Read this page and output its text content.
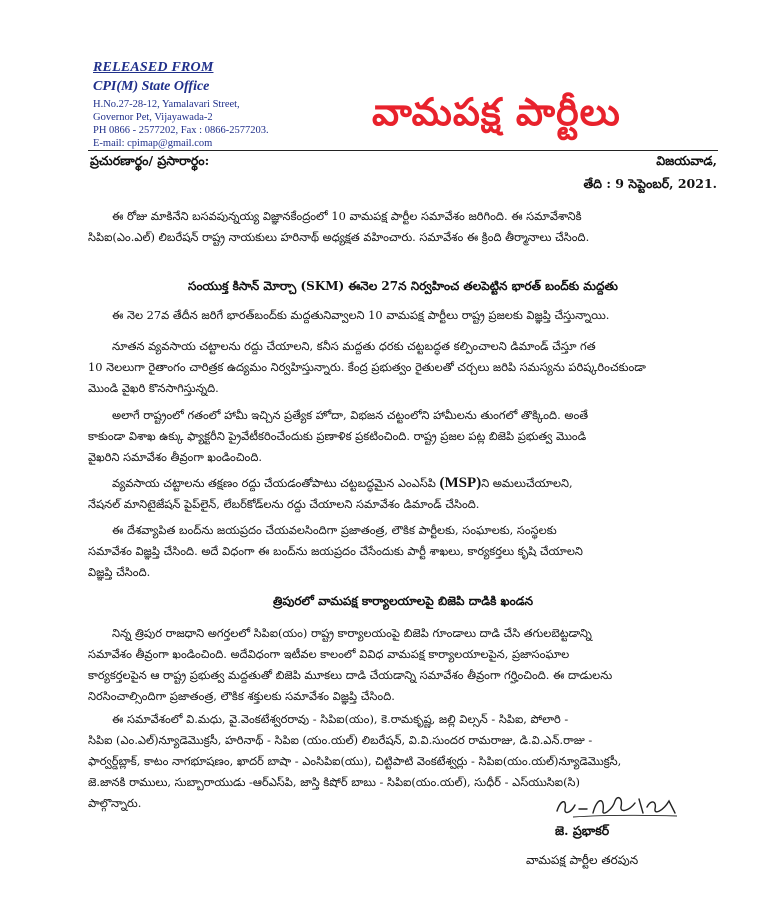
RELEASED FROM
CPI(M) State Office
H.No.27-28-12, Yamalavari Street,
Governor Pet, Vijayawada-2
PH 0866 - 2577202, Fax : 0866-2577203.
E-mail: cpimap@gmail.com
వామపక్ష పార్టీలు
ప్రచురణార్థం/ ప్రసారార్థం:	విజయవాడ,
తేది : 9 సెప్టెంబర్, 2021.
ఈ రోజు మాకినేని బసవపున్నయ్య విజ్ఞానకేంద్రంలో 10 వామపక్ష పార్టీల సమావేశం జరిగింది. ఈ సమావేశానికి
సిపిఐ(ఎం.ఎల్) లిబరేషన్ రాష్ట్ర నాయకులు హరినాథ్ అధ్యక్షత వహించారు. సమావేశం ఈ క్రింది తీర్మానాలు చేసింది.
సంయుక్త కిసాన్ మోర్చా (SKM) ఈనెల 27న నిర్వహించ తలపెట్టిన భారత్ బంద్‌కు మద్దతు
ఈ నెల 27వ తేదీన జరిగే భారత్‌బంద్‌కు మద్దతునివ్వాలని 10 వామపక్ష పార్టీలు రాష్ట్ర ప్రజలకు విజ్ఞప్తి చేస్తున్నాయి.
నూతన వ్యవసాయ చట్టాలను రద్దు చేయాలని, కనీస మద్దతు ధరకు చట్టబద్ధత కల్పించాలని డిమాండ్ చేస్తూ గత
10 నెలలుగా రైతాంగం చారిత్రక ఉద్యమం నిర్వహిస్తున్నారు. కేంద్ర ప్రభుత్వం రైతులతో చర్చలు జరిపి సమస్యను పరిష్కరించకుండా
మొండి వైఖరి కొనసాగిస్తున్నది.
అలాగే రాష్ట్రంలో గతంలో హామీ ఇచ్చిన ప్రత్యేక హోదా, విభజన చట్టంలోని హామీలను తుంగలో తొక్కింది. అంతే
కాకుండా విశాఖ ఉక్కు ఫ్యాక్టరీని ప్రైవేటీకరించేందుకు ప్రణాళిక ప్రకటించింది. రాష్ట్ర ప్రజల పట్ల బిజెపి ప్రభుత్వ మొండి
వైఖరిని సమావేశం తీవ్రంగా ఖండించింది.
వ్యవసాయ చట్టాలను తక్షణం రద్దు చేయడంతోపాటు చట్టబద్ధమైన ఎంఎస్‌పి (MSP)ని అమలుచేయాలని,
నేషనల్ మానిటైజేషన్ పైప్‌లైన్, లేబర్‌కోడ్‌లను రద్దు చేయాలని సమావేశం డిమాండ్ చేసింది.
ఈ దేశవ్యాపిత బంద్‌ను జయప్రదం చేయవలసిందిగా ప్రజాతంత్ర, లౌకిక పార్టీలకు, సంఘాలకు, సంస్థలకు
సమావేశం విజ్ఞప్తి చేసింది. అదే విధంగా ఈ బంద్‌ను జయప్రదం చేసేందుకు పార్టీ శాఖలు, కార్యకర్తలు కృషి చేయాలని
విజ్ఞప్తి చేసింది.
త్రిపురలో వామపక్ష కార్యాలయాలపై బిజెపి దాడికి ఖండన
నిన్న త్రిపుర రాజధాని అగర్తలలో సిపిఐ(యం) రాష్ట్ర కార్యాలయంపై బిజెపి గూండాలు దాడి చేసి తగులబెట్టడాన్ని
సమావేశం తీవ్రంగా ఖండించింది. అదేవిధంగా ఇటీవల కాలంలో వివిధ వామపక్ష కార్యాలయాలపైన, ప్రజాసంఘాల
కార్యకర్తలపైన ఆ రాష్ట్ర ప్రభుత్వ మద్దతుతో బిజెపి మూకలు దాడి చేయడాన్ని సమావేశం తీవ్రంగా గర్హించింది. ఈ దాడులను
నిరసించాల్సిందిగా ప్రజాతంత్ర, లౌకిక శక్తులకు సమావేశం విజ్ఞప్తి చేసింది.
ఈ సమావేశంలో వి.మధు, వై.వెంకటేశ్వరరావు - సిపిఐ(యం), కె.రామకృష్ణ, జల్లి విల్సన్ - సిపిఐ, పోలారి -
సిపిఐ (ఎం.ఎల్)న్యూడెమొక్రసీ, హరినాథ్ - సిపిఐ (యం.యల్) లిబరేషన్, వి.వి.సుందర రామరాజు, డి.వి.ఎన్.రాజు -
ఫార్వర్డ్‌బ్లాక్, కాటం నాగభూషణం, ఖాదర్ బాషా - ఎంసిపిఐ(యు), చిట్టిపాటి వెంకటేశ్వర్లు - సిపిఐ(యం.యల్)న్యూడెమొక్రసీ,
జె.జానకి రాములు, సుబ్బారాయుడు -ఆర్ఎస్‌పి, జాస్తి కిషోర్ బాబు - సిపిఐ(యం.యల్), సుధీర్ - ఎస్‌యుసిఐ(సి)
పాల్గొన్నారు.
జె. ప్రభాకర్
వామపక్ష పార్టీల తరపున
